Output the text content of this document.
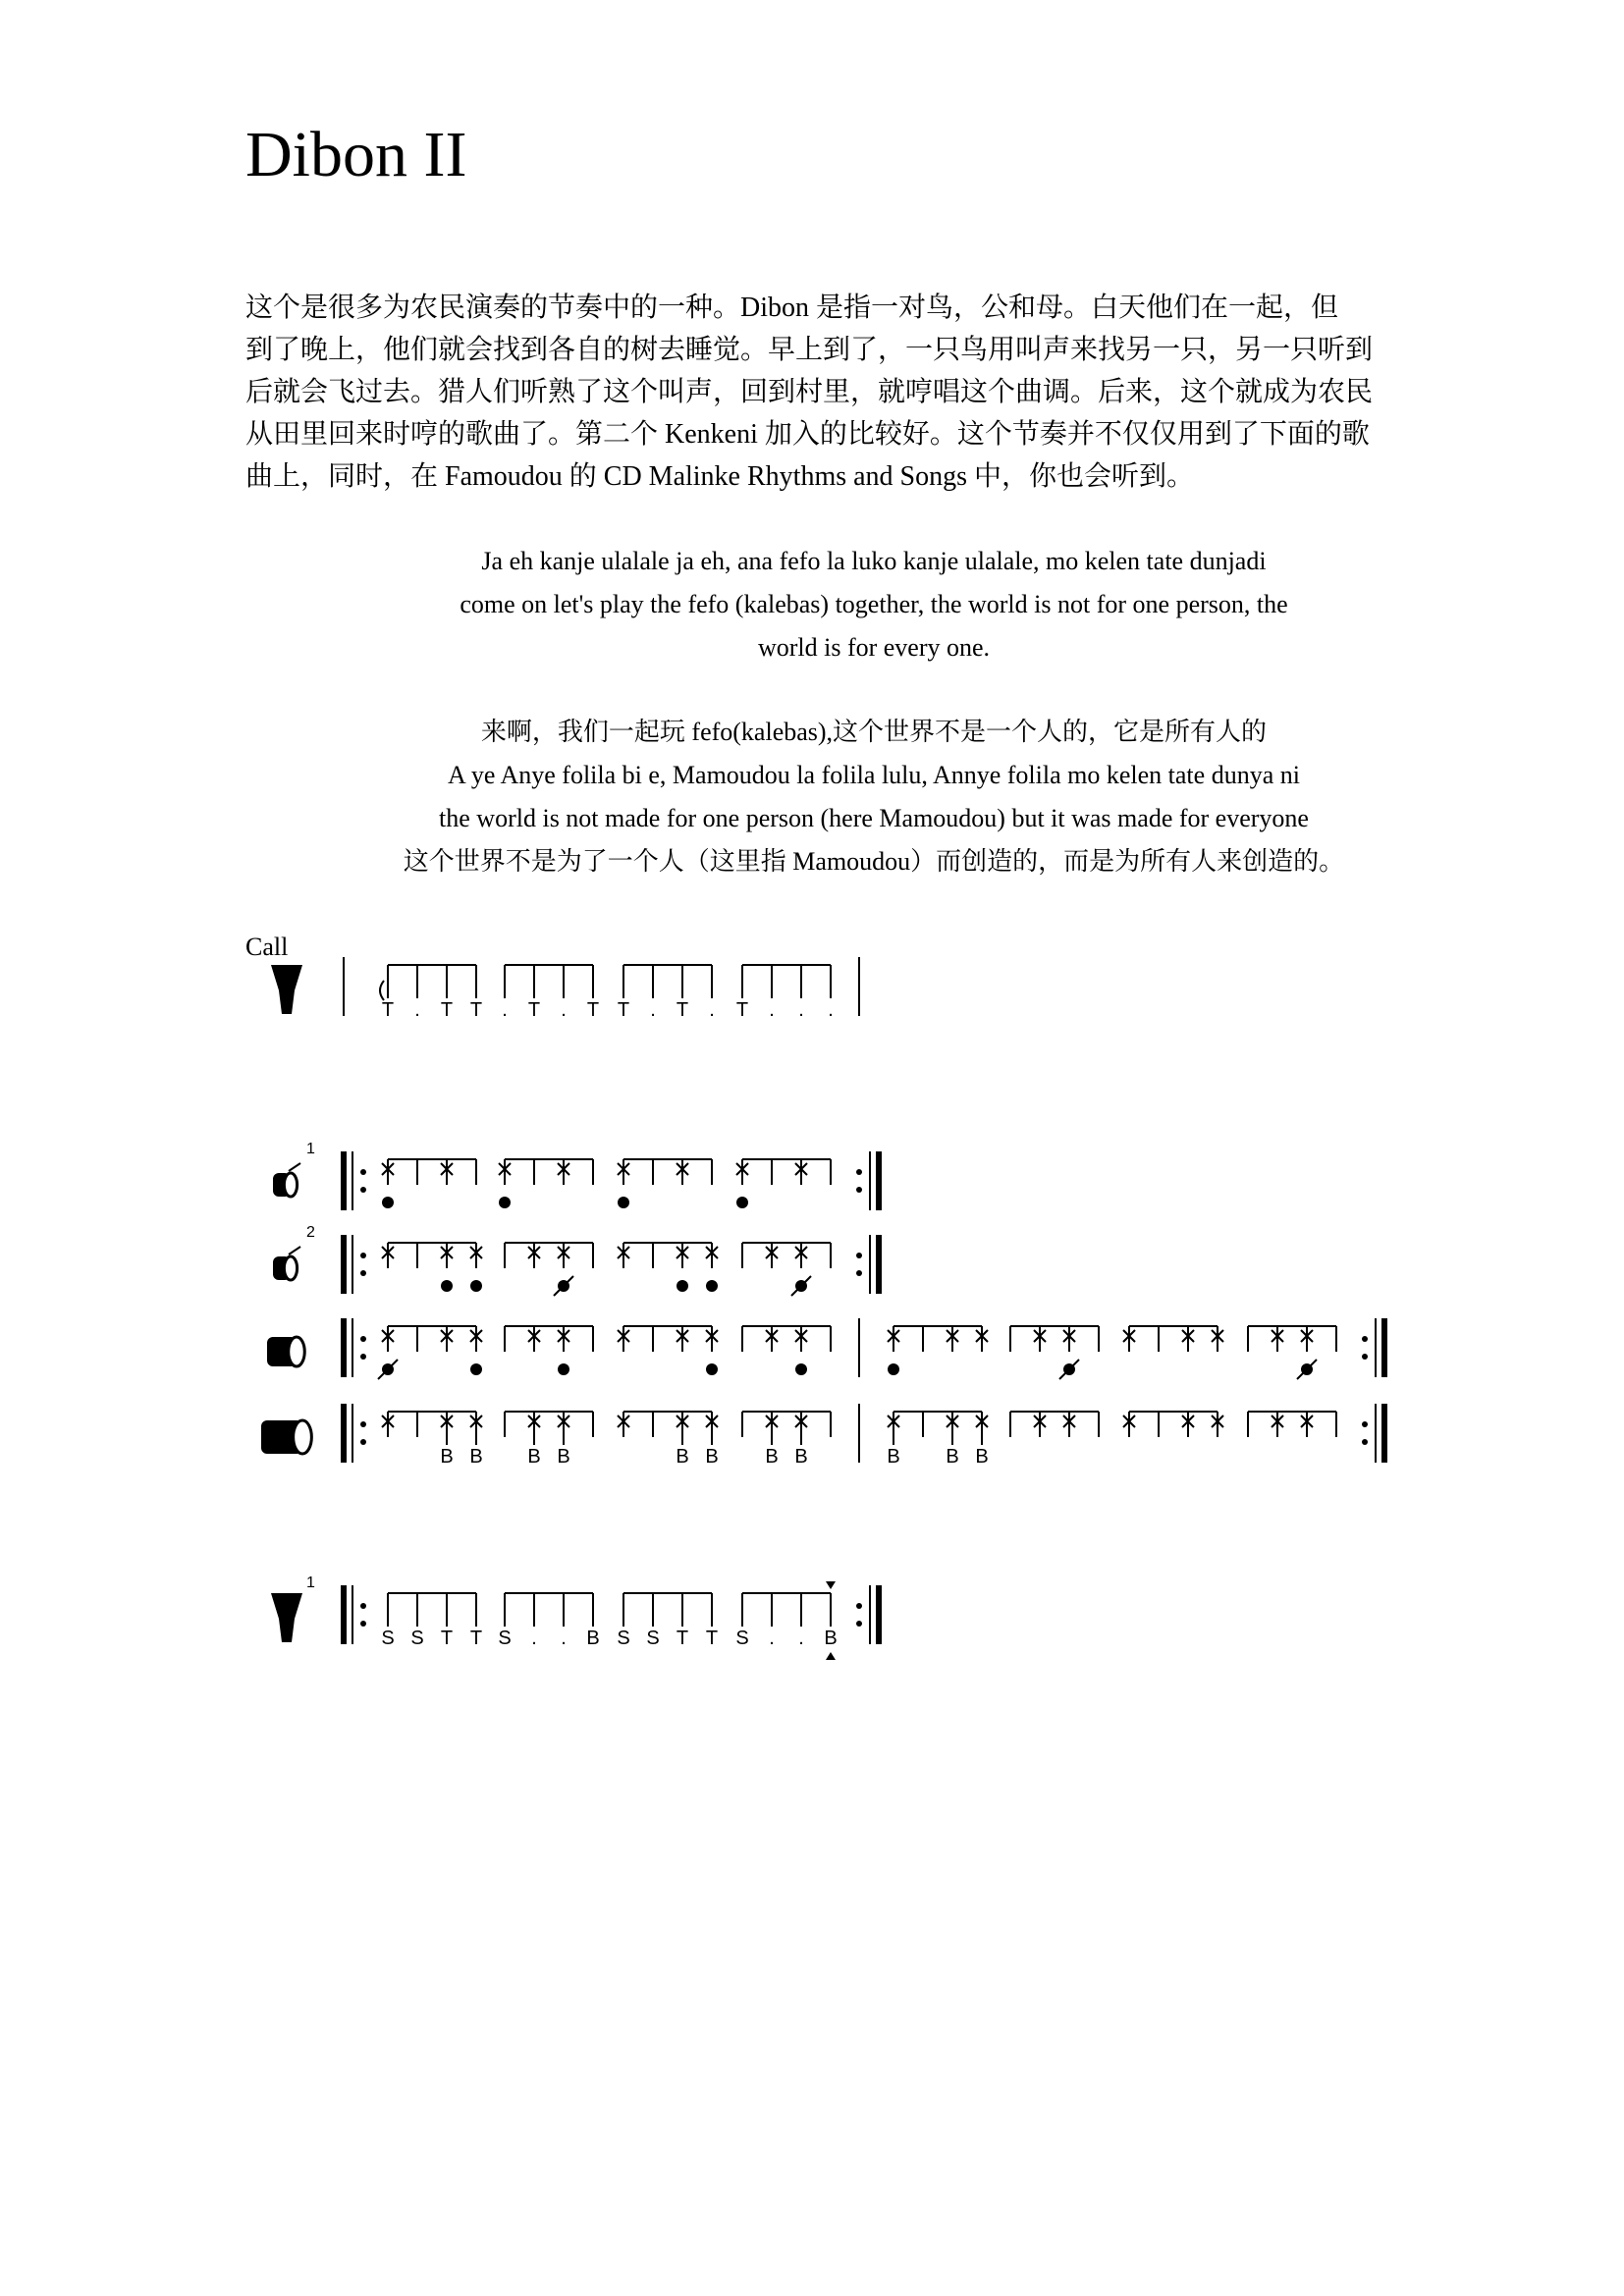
Dibon II

这个是很多为农民演奏的节奏中的一种。Dibon 是指一对鸟，公和母。白天他们在一起，但
到了晚上，他们就会找到各自的树去睡觉。早上到了，一只鸟用叫声来找另一只，另一只听到
后就会飞过去。猎人们听熟了这个叫声，回到村里，就哼唱这个曲调。后来，这个就成为农民
从田里回来时哼的歌曲了。第二个 Kenkeni 加入的比较好。这个节奏并不仅仅用到了下面的歌
曲上，同时，在 Famoudou 的 CD Malinke Rhythms and Songs 中，你也会听到。

Ja eh kanje ulalale ja eh, ana fefo la luko kanje ulalale, mo kelen tate dunjadi
come on let's play the fefo (kalebas) together, the world is not for one person, the
world is for every one.
来啊，我们一起玩 fefo(kalebas),这个世界不是一个人的，它是所有人的
A ye Anye folila bi e, Mamoudou la folila lulu, Annye folila mo kelen tate dunya ni
the world is not made for one person (here Mamoudou) but it was made for everyone
这个世界不是为了一个人（这里指 Mamoudou）而创造的，而是为所有人来创造的。
Call
T . T T . T . T T . T . T . . .
1
2
B B B B	B B B B	B B B
1
S S T T S . . B S S T T S . . B
